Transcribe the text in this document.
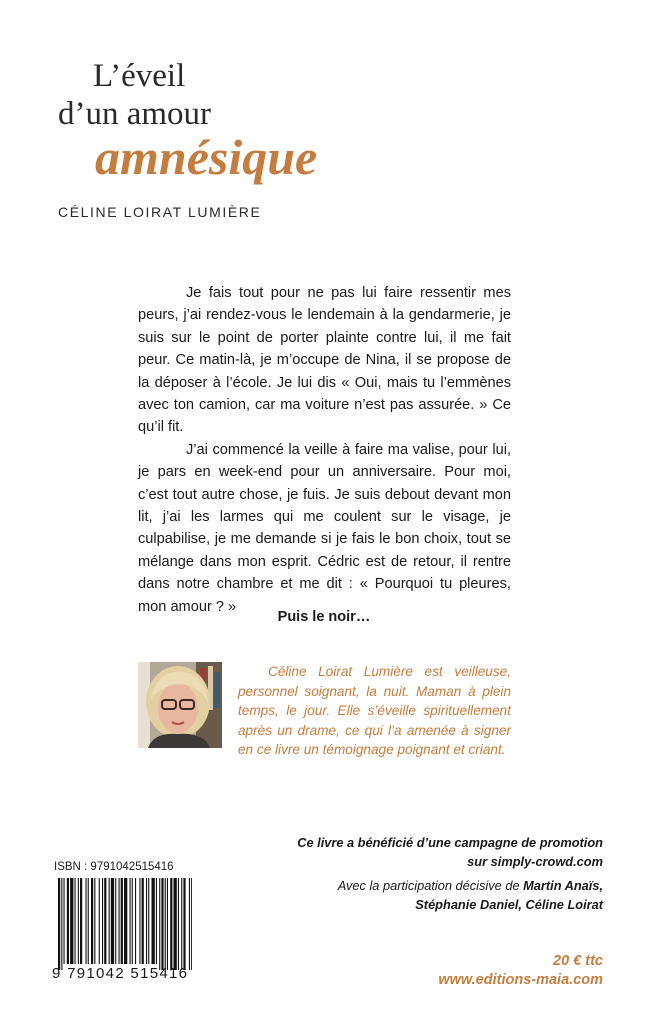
L’éveil
d’un amour
amnésique
CÉLINE LOIRAT LUMIÈRE

Je fais tout pour ne pas lui faire ressentir mes peurs, j’ai rendez-vous le lendemain à la gendarmerie, je suis sur le point de porter plainte contre lui, il me fait peur. Ce matin-là, je m’occupe de Nina, il se propose de la déposer à l’école. Je lui dis « Oui, mais tu l’emmènes avec ton camion, car ma voiture n’est pas assurée. » Ce qu’il fit.

J’ai commencé la veille à faire ma valise, pour lui, je pars en week-end pour un anniversaire. Pour moi, c’est tout autre chose, je fuis. Je suis debout devant mon lit, j’ai les larmes qui me coulent sur le visage, je culpabilise, je me demande si je fais le bon choix, tout se mélange dans mon esprit. Cédric est de retour, il rentre dans notre chambre et me dit : « Pourquoi tu pleures, mon amour ? »

Puis le noir…

Céline Loirat Lumière est veilleuse, personnel soignant, la nuit. Maman à plein temps, le jour. Elle s’éveille spirituellement après un drame, ce qui l’a amenée à signer en ce livre un témoignage poignant et criant.

ISBN : 9791042515416
9 791042 515416
Ce livre a bénéficié d’une campagne de promotion
sur simply-crowd.com
Avec la participation décisive de Martin Anaïs,
Stéphanie Daniel, Céline Loirat
20 € ttc
www.editions-maia.com
